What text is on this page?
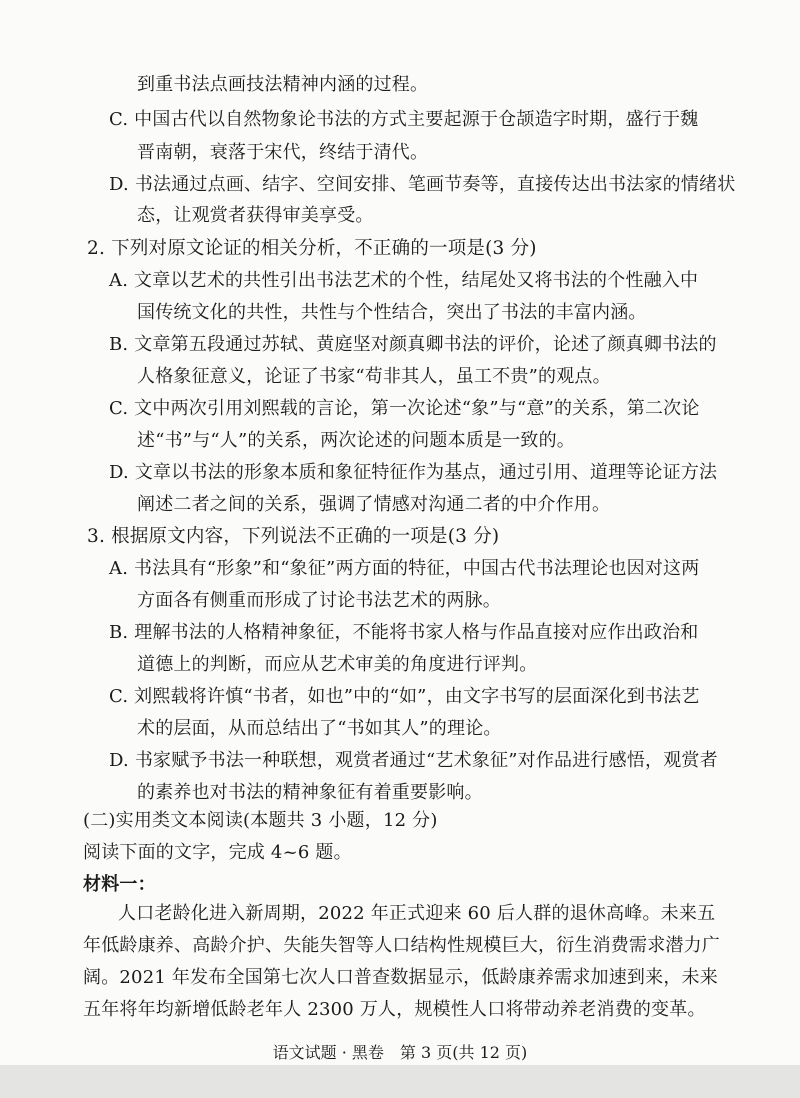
到重书法点画技法精神内涵的过程。
C. 中国古代以自然物象论书法的方式主要起源于仓颉造字时期，盛行于魏
晋南朝，衰落于宋代，终结于清代。
D. 书法通过点画、结字、空间安排、笔画节奏等，直接传达出书法家的情绪状
态，让观赏者获得审美享受。
2. 下列对原文论证的相关分析，不正确的一项是(3 分)
A. 文章以艺术的共性引出书法艺术的个性，结尾处又将书法的个性融入中
国传统文化的共性，共性与个性结合，突出了书法的丰富内涵。
B. 文章第五段通过苏轼、黄庭坚对颜真卿书法的评价，论述了颜真卿书法的
人格象征意义，论证了书家“苟非其人，虽工不贵”的观点。
C. 文中两次引用刘熙载的言论，第一次论述“象”与“意”的关系，第二次论
述“书”与“人”的关系，两次论述的问题本质是一致的。
D. 文章以书法的形象本质和象征特征作为基点，通过引用、道理等论证方法
阐述二者之间的关系，强调了情感对沟通二者的中介作用。
3. 根据原文内容，下列说法不正确的一项是(3 分)
A. 书法具有“形象”和“象征”两方面的特征，中国古代书法理论也因对这两
方面各有侧重而形成了讨论书法艺术的两脉。
B. 理解书法的人格精神象征，不能将书家人格与作品直接对应作出政治和
道德上的判断，而应从艺术审美的角度进行评判。
C. 刘熙载将许慎“书者，如也”中的“如”，由文字书写的层面深化到书法艺
术的层面，从而总结出了“书如其人”的理论。
D. 书家赋予书法一种联想，观赏者通过“艺术象征”对作品进行感悟，观赏者
的素养也对书法的精神象征有着重要影响。
(二)实用类文本阅读(本题共 3 小题，12 分)
阅读下面的文字，完成 4~6 题。
材料一：
人口老龄化进入新周期，2022 年正式迎来 60 后人群的退休高峰。未来五
年低龄康养、高龄介护、失能失智等人口结构性规模巨大，衍生消费需求潜力广
阔。2021 年发布全国第七次人口普查数据显示，低龄康养需求加速到来，未来
五年将年均新增低龄老年人 2300 万人，规模性人口将带动养老消费的变革。
语文试题 · 黑卷　第 3 页(共 12 页)
